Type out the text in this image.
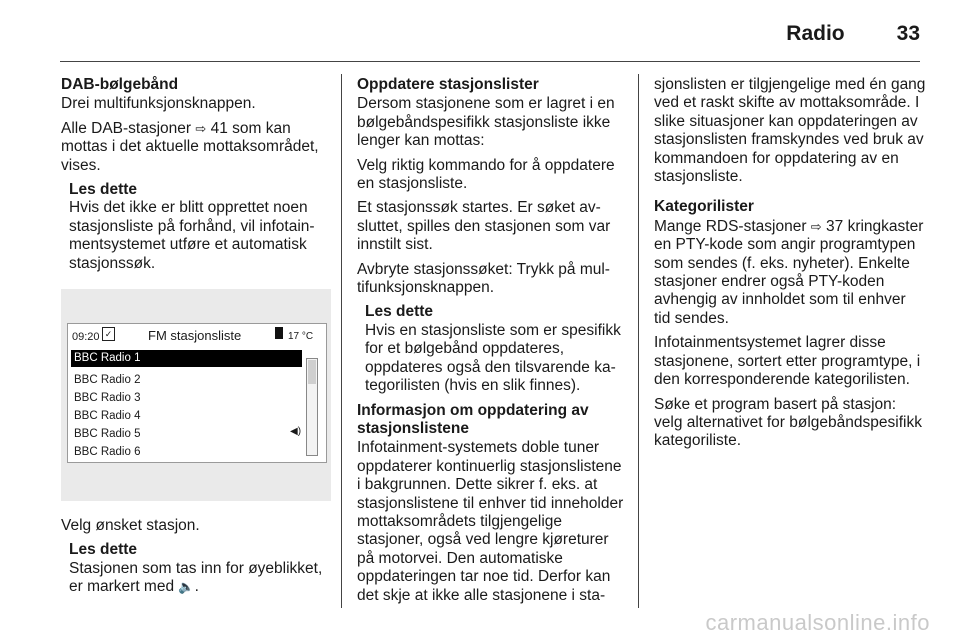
Radio 33
DAB-bølgebånd

Drei multifunksjonsknappen.

Alle DAB-stasjoner ⇨ 41 som kan mottas i det aktuelle mottaksområdet, vises.

Les dette

Hvis det ikke er blitt opprettet noen stasjonsliste på forhånd, vil infotainmentsystemet utføre et automatisk stasjonssøk.

09:20 ✓	FM stasjonsliste	17 °C
BBC Radio 1
BBC Radio 2
BBC Radio 3
BBC Radio 4
BBC Radio 5
BBC Radio 6
◀)

Velg ønsket stasjon.

Les dette

Stasjonen som tas inn for øyeblikket, er markert med 🔈.

Oppdatere stasjonslister

Dersom stasjonene som er lagret i en bølgebåndspesifikk stasjonsliste ikke lenger kan mottas:

Velg riktig kommando for å oppdatere en stasjonsliste.

Et stasjonssøk startes. Er søket avsluttet, spilles den stasjonen som var innstilt sist.

Avbryte stasjonssøket: Trykk på multifunksjonsknappen.

Les dette

Hvis en stasjonsliste som er spesifikk for et bølgebånd oppdateres, oppdateres også den tilsvarende kategorilisten (hvis en slik finnes).

Informasjon om oppdatering av stasjonslistene

Infotainment-systemets doble tuner oppdaterer kontinuerlig stasjonslistene i bakgrunnen. Dette sikrer f. eks. at stasjonslistene til enhver tid inneholder mottaksområdets tilgjengelige stasjoner, også ved lengre kjøreturer på motorvei. Den automatiske oppdateringen tar noe tid. Derfor kan det skje at ikke alle stasjonene i sta-

sjonslisten er tilgjengelige med én gang ved et raskt skifte av mottaksområde. I slike situasjoner kan oppdateringen av stasjonslisten framskyndes ved bruk av kommandoen for oppdatering av en stasjonsliste.

Kategorilister

Mange RDS-stasjoner ⇨ 37 kringkaster en PTY-kode som angir programtypen som sendes (f. eks. nyheter). Enkelte stasjoner endrer også PTY-koden avhengig av innholdet som til enhver tid sendes.

Infotainmentsystemet lagrer disse stasjonene, sortert etter programtype, i den korresponderende kategorilisten.

Søke et program basert på stasjon: velg alternativet for bølgebåndspesifikk kategoriliste.

carmanualsonline.info
